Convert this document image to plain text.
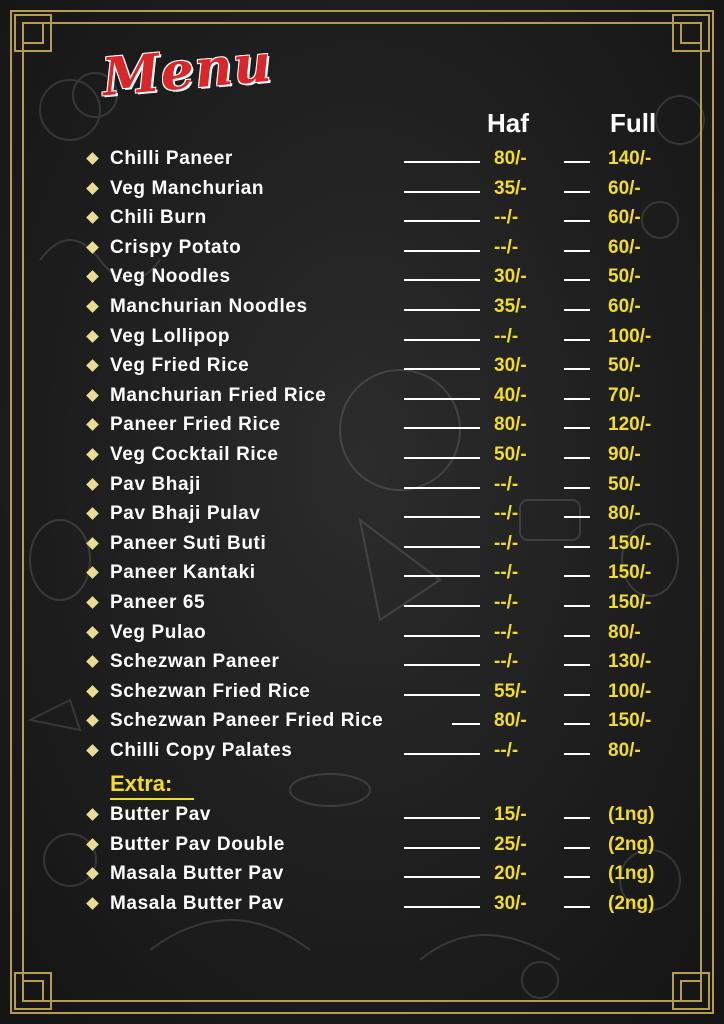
Menu
Haf	Full
Chilli Paneer	80/-	140/-
Veg Manchurian	35/-	60/-
Chili Burn	--/-	60/-
Crispy Potato	--/-	60/-
Veg Noodles	30/-	50/-
Manchurian Noodles	35/-	60/-
Veg Lollipop	--/-	100/-
Veg Fried Rice	30/-	50/-
Manchurian Fried Rice	40/-	70/-
Paneer Fried Rice	80/-	120/-
Veg Cocktail Rice	50/-	90/-
Pav Bhaji	--/-	50/-
Pav Bhaji Pulav	--/-	80/-
Paneer Suti Buti	--/-	150/-
Paneer Kantaki	--/-	150/-
Paneer 65	--/-	150/-
Veg Pulao	--/-	80/-
Schezwan Paneer	--/-	130/-
Schezwan Fried Rice	55/-	100/-
Schezwan Paneer Fried Rice	80/-	150/-
Chilli Copy Palates	--/-	80/-
Extra:
Butter Pav	15/-	(1ng)
Butter Pav Double	25/-	(2ng)
Masala Butter Pav	20/-	(1ng)
Masala Butter Pav	30/-	(2ng)
